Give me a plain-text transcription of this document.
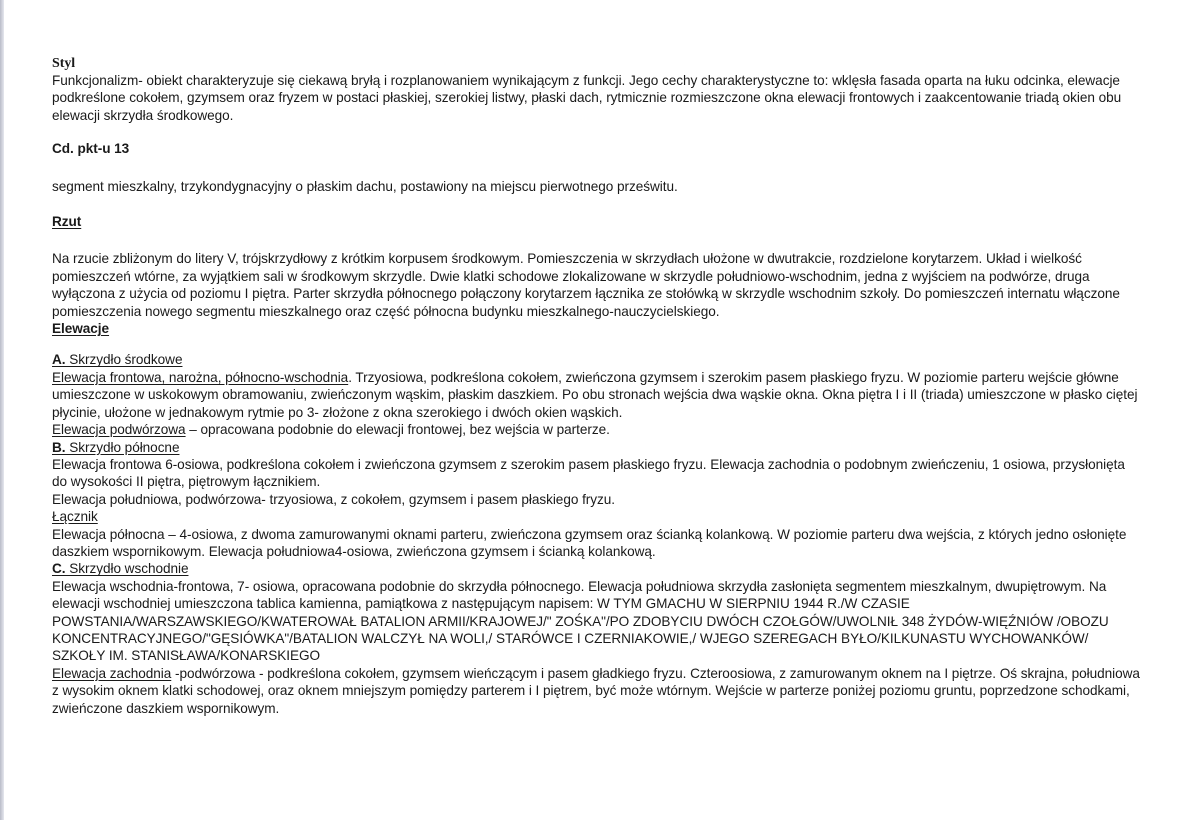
Styl
Funkcjonalizm- obiekt charakteryzuje się ciekawą bryłą i rozplanowaniem wynikającym z funkcji. Jego cechy charakterystyczne to: wklęsła fasada oparta na łuku odcinka, elewacje podkreślone cokołem, gzymsem oraz fryzem w postaci płaskiej, szerokiej listwy, płaski dach, rytmicznie rozmieszczone okna elewacji frontowych i zaakcentowanie triadą okien obu elewacji skrzydła środkowego.
Cd. pkt-u 13
segment mieszkalny, trzykondygnacyjny o płaskim dachu, postawiony na miejscu pierwotnego prześwitu.
Rzut
Na rzucie zbliżonym do litery V, trójskrzydłowy z krótkim korpusem środkowym. Pomieszczenia w skrzydłach ułożone w dwutrakcie, rozdzielone korytarzem. Układ i wielkość pomieszczeń wtórne, za wyjątkiem sali w środkowym skrzydle. Dwie klatki schodowe zlokalizowane w skrzydle południowo-wschodnim, jedna z wyjściem na podwórze, druga wyłączona z użycia od poziomu I piętra. Parter skrzydła północnego połączony korytarzem łącznika ze stołówką w skrzydle wschodnim szkoły. Do pomieszczeń internatu włączone pomieszczenia nowego segmentu mieszkalnego oraz część północna budynku mieszkalnego-nauczycielskiego.
Elewacje
A. Skrzydło środkowe
Elewacja frontowa, narożna, północno-wschodnia. Trzyosiowa, podkreślona cokołem, zwieńczona gzymsem i szerokim pasem płaskiego fryzu. W poziomie parteru wejście główne umieszczone w uskokowym obramowaniu, zwieńczonym wąskim, płaskim daszkiem. Po obu stronach wejścia dwa wąskie okna. Okna piętra I i II (triada) umieszczone w płasko ciętej płycinie, ułożone w jednakowym rytmie po 3- złożone z okna szerokiego i dwóch okien wąskich.
Elewacja podwórzowa – opracowana podobnie do elewacji frontowej, bez wejścia w parterze.
B. Skrzydło północne
Elewacja frontowa 6-osiowa, podkreślona cokołem i zwieńczona gzymsem z szerokim pasem płaskiego fryzu. Elewacja zachodnia o podobnym zwieńczeniu, 1 osiowa, przysłonięta do wysokości II piętra, piętrowym łącznikiem.
Elewacja południowa, podwórzowa- trzyosiowa, z cokołem, gzymsem i pasem płaskiego fryzu.
Łącznik
Elewacja północna – 4-osiowa, z dwoma zamurowanymi oknami parteru, zwieńczona gzymsem oraz ścianką kolankową. W poziomie parteru dwa wejścia, z których jedno osłonięte daszkiem wspornikowym. Elewacja południowa4-osiowa, zwieńczona gzymsem i ścianką kolankową.
C. Skrzydło wschodnie
Elewacja wschodnia-frontowa, 7- osiowa, opracowana podobnie do skrzydła północnego. Elewacja południowa skrzydła zasłonięta segmentem mieszkalnym, dwupiętrowym. Na elewacji wschodniej umieszczona tablica kamienna, pamiątkowa z następującym napisem: W TYM GMACHU W SIERPNIU 1944 R./W CZASIE POWSTANIA/WARSZAWSKIEGO/KWATEROWAŁ BATALION ARMII/KRAJOWEJ/" ZOŚKA"/PO ZDOBYCIU DWÓCH CZOŁGÓW/UWOLNIŁ 348 ŻYDÓW-WIĘŹNIÓW /OBOZU KONCENTRACYJNEGO/"GĘSIÓWKA"/BATALION WALCZYŁ NA WOLI,/ STARÓWCE I CZERNIAKOWIE,/ WJEGO SZEREGACH BYŁO/KILKUNASTU WYCHOWANKÓW/ SZKOŁY IM. STANISŁAWA/KONARSKIEGO
Elewacja zachodnia -podwórzowa - podkreślona cokołem, gzymsem wieńczącym i pasem gładkiego fryzu. Czteroosiowa, z zamurowanym oknem na I piętrze. Oś skrajna, południowa z wysokim oknem klatki schodowej, oraz oknem mniejszym pomiędzy parterem i I piętrem, być może wtórnym. Wejście w parterze poniżej poziomu gruntu, poprzedzone schodkami, zwieńczone daszkiem wspornikowym.
